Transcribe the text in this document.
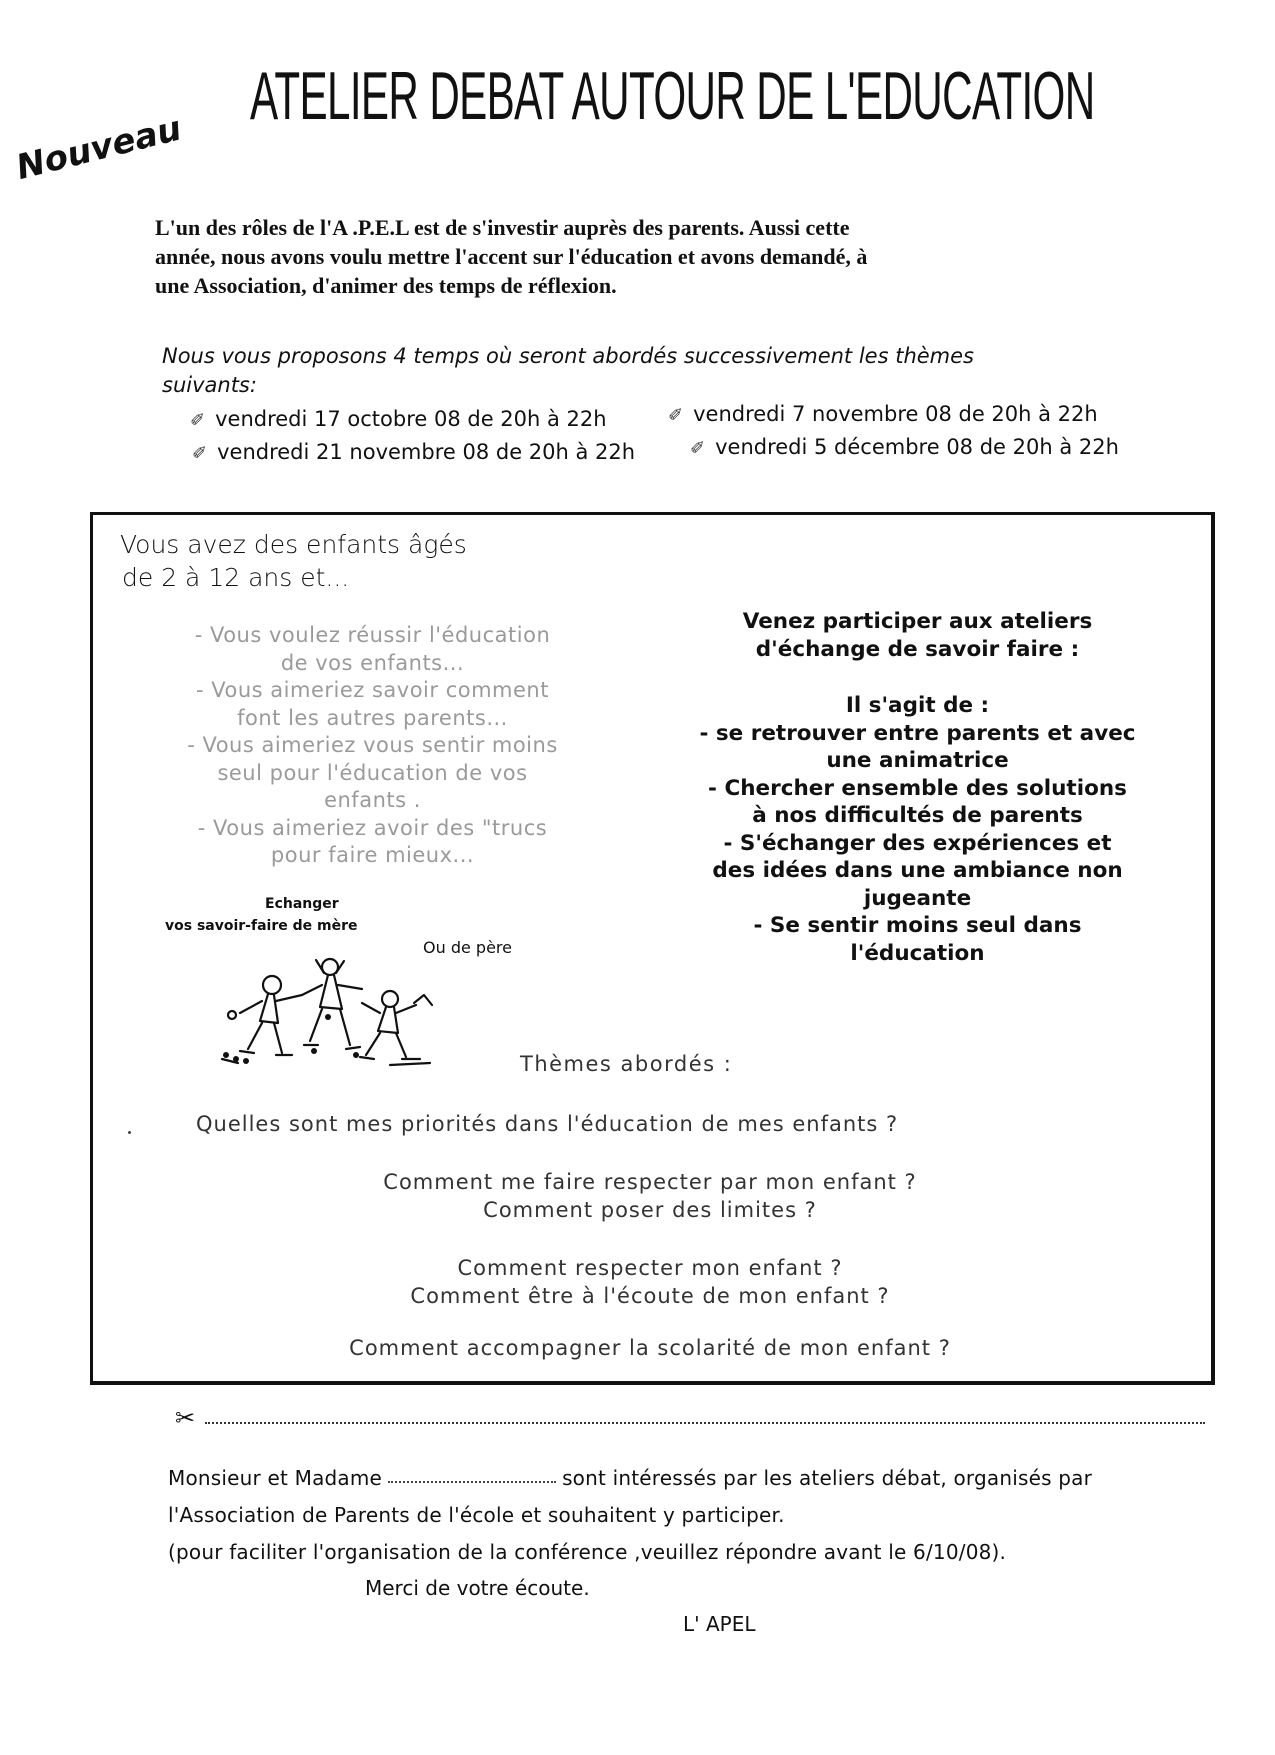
Nouveau
ATELIER DEBAT AUTOUR DE L'EDUCATION
L'un des rôles de l'A .P.E.L est de s'investir auprès des parents. Aussi cette
année, nous avons voulu mettre l'accent sur l'éducation et avons demandé, à
une Association, d'animer des temps de réflexion.
Nous vous proposons 4 temps où seront abordés successivement les thèmes
suivants:
✐ vendredi 17 octobre 08 de 20h à 22h	✐ vendredi 7 novembre 08 de 20h à 22h
✐ vendredi 21 novembre 08 de 20h à 22h	✐ vendredi 5 décembre 08 de 20h à 22h
Vous avez des enfants âgés
de 2 à 12 ans et...
- Vous voulez réussir l'éducation
de vos enfants...
- Vous aimeriez savoir comment
font les autres parents...
- Vous aimeriez vous sentir moins
seul pour l'éducation de vos
enfants .
- Vous aimeriez avoir des "trucs
pour faire mieux...
Echanger
vos savoir-faire de mère
Ou de père
Venez participer aux ateliers
d'échange de savoir faire :
Il s'agit de :
- se retrouver entre parents et avec
une animatrice
- Chercher ensemble des solutions
à nos difficultés de parents
- S'échanger des expériences et
des idées dans une ambiance non
jugeante
- Se sentir moins seul dans
l'éducation
Thèmes abordés :
Quelles sont mes priorités dans l'éducation de mes enfants ?
Comment me faire respecter par mon enfant ?
Comment poser des limites ?
Comment respecter mon enfant ?
Comment être à l'écoute de mon enfant ?
Comment accompagner la scolarité de mon enfant ?
✂
Monsieur et Madame	sont intéressés par les ateliers débat, organisés par
l'Association de Parents de l'école et souhaitent y participer.
(pour faciliter l'organisation de la conférence ,veuillez répondre avant le 6/10/08).
Merci de votre écoute.
L' APEL
